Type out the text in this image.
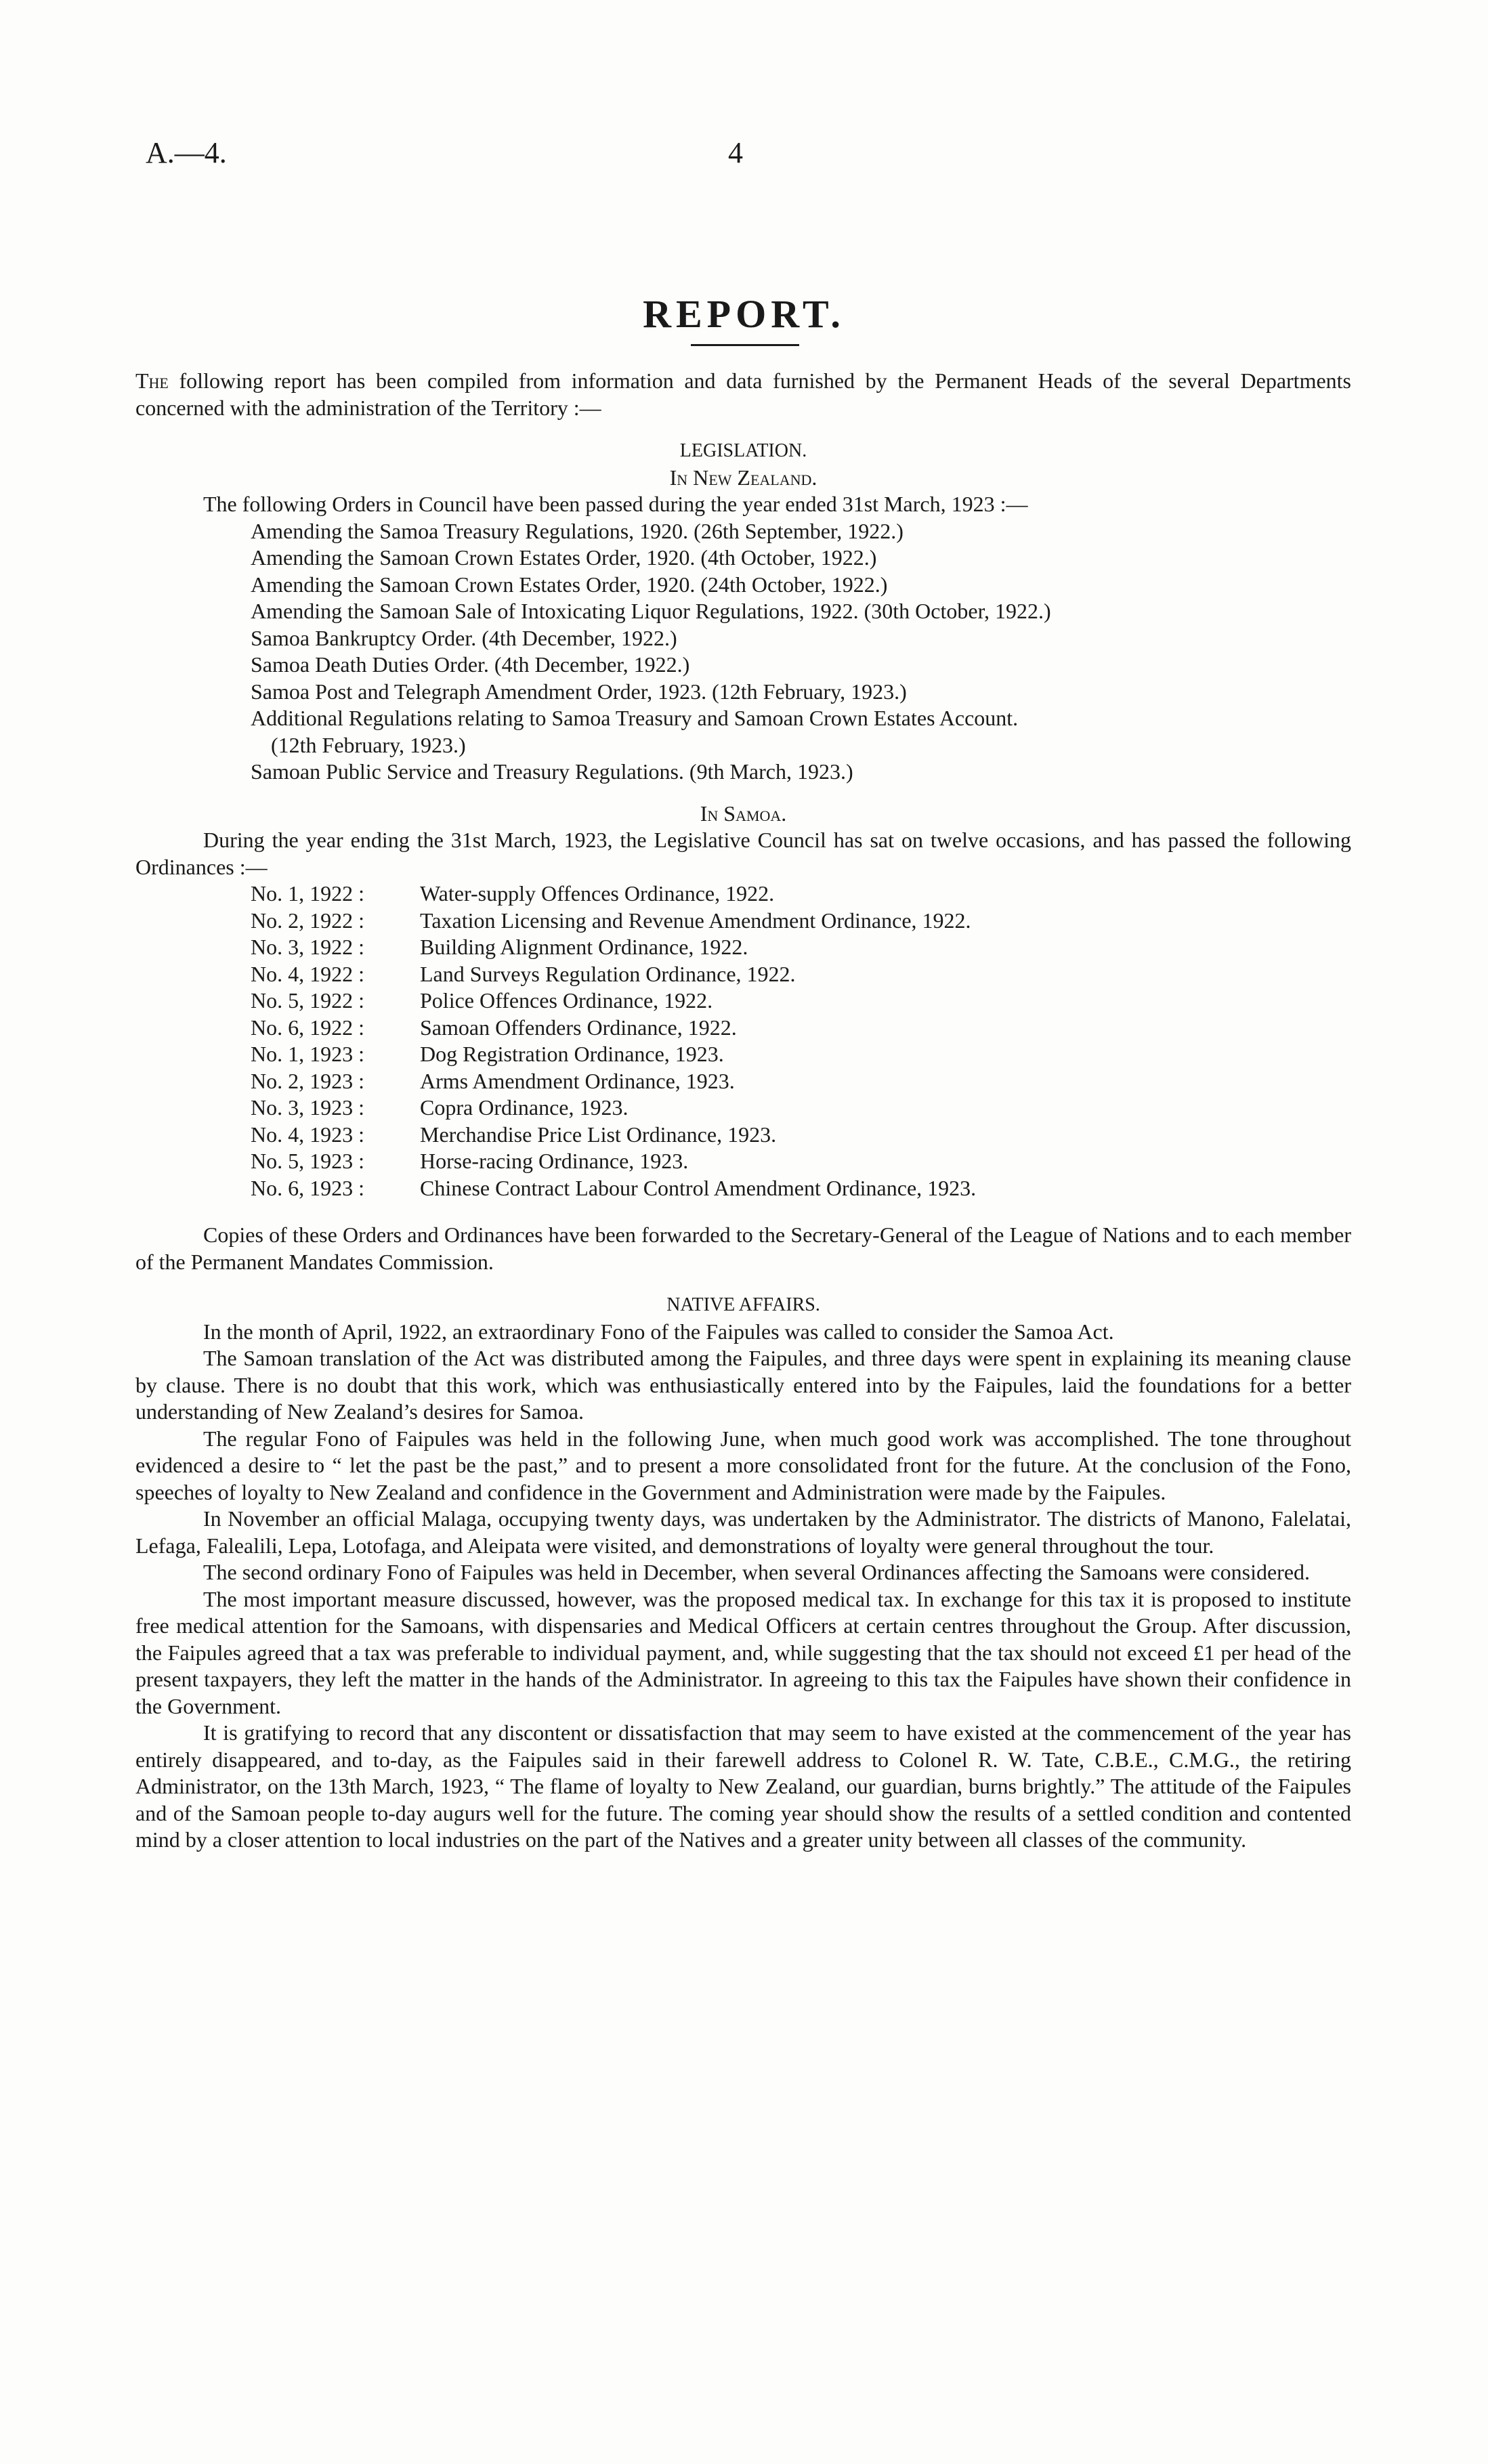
A.—4.	4
REPORT.

The following report has been compiled from information and data furnished by the Permanent Heads of the several Departments concerned with the administration of the Territory :—

LEGISLATION.
In New Zealand.

The following Orders in Council have been passed during the year ended 31st March, 1923 :—

Amending the Samoa Treasury Regulations, 1920. (26th September, 1922.)
Amending the Samoan Crown Estates Order, 1920. (4th October, 1922.)
Amending the Samoan Crown Estates Order, 1920. (24th October, 1922.)
Amending the Samoan Sale of Intoxicating Liquor Regulations, 1922. (30th October, 1922.)
Samoa Bankruptcy Order. (4th December, 1922.)
Samoa Death Duties Order. (4th December, 1922.)
Samoa Post and Telegraph Amendment Order, 1923. (12th February, 1923.)
Additional Regulations relating to Samoa Treasury and Samoan Crown Estates Account.
(12th February, 1923.)
Samoan Public Service and Treasury Regulations. (9th March, 1923.)
In Samoa.

During the year ending the 31st March, 1923, the Legislative Council has sat on twelve occasions, and has passed the following Ordinances :—

No. 1, 1922 :	Water-supply Offences Ordinance, 1922.
No. 2, 1922 :	Taxation Licensing and Revenue Amendment Ordinance, 1922.
No. 3, 1922 :	Building Alignment Ordinance, 1922.
No. 4, 1922 :	Land Surveys Regulation Ordinance, 1922.
No. 5, 1922 :	Police Offences Ordinance, 1922.
No. 6, 1922 :	Samoan Offenders Ordinance, 1922.
No. 1, 1923 :	Dog Registration Ordinance, 1923.
No. 2, 1923 :	Arms Amendment Ordinance, 1923.
No. 3, 1923 :	Copra Ordinance, 1923.
No. 4, 1923 :	Merchandise Price List Ordinance, 1923.
No. 5, 1923 :	Horse-racing Ordinance, 1923.
No. 6, 1923 :	Chinese Contract Labour Control Amendment Ordinance, 1923.

Copies of these Orders and Ordinances have been forwarded to the Secretary-General of the League of Nations and to each member of the Permanent Mandates Commission.

NATIVE AFFAIRS.

In the month of April, 1922, an extraordinary Fono of the Faipules was called to consider the Samoa Act.

The Samoan translation of the Act was distributed among the Faipules, and three days were spent in explaining its meaning clause by clause. There is no doubt that this work, which was enthusiastically entered into by the Faipules, laid the foundations for a better understanding of New Zealand’s desires for Samoa.

The regular Fono of Faipules was held in the following June, when much good work was accomplished. The tone throughout evidenced a desire to “ let the past be the past,” and to present a more consolidated front for the future. At the conclusion of the Fono, speeches of loyalty to New Zealand and confidence in the Government and Administration were made by the Faipules.

In November an official Malaga, occupying twenty days, was undertaken by the Administrator. The districts of Manono, Falelatai, Lefaga, Falealili, Lepa, Lotofaga, and Aleipata were visited, and demonstrations of loyalty were general throughout the tour.

The second ordinary Fono of Faipules was held in December, when several Ordinances affecting the Samoans were considered.

The most important measure discussed, however, was the proposed medical tax. In exchange for this tax it is proposed to institute free medical attention for the Samoans, with dispensaries and Medical Officers at certain centres throughout the Group. After discussion, the Faipules agreed that a tax was preferable to individual payment, and, while suggesting that the tax should not exceed £1 per head of the present taxpayers, they left the matter in the hands of the Administrator. In agreeing to this tax the Faipules have shown their confidence in the Government.

It is gratifying to record that any discontent or dissatisfaction that may seem to have existed at the commencement of the year has entirely disappeared, and to-day, as the Faipules said in their farewell address to Colonel R. W. Tate, C.B.E., C.M.G., the retiring Administrator, on the 13th March, 1923, “ The flame of loyalty to New Zealand, our guardian, burns brightly.” The attitude of the Faipules and of the Samoan people to-day augurs well for the future. The coming year should show the results of a settled condition and contented mind by a closer attention to local industries on the part of the Natives and a greater unity between all classes of the community.
